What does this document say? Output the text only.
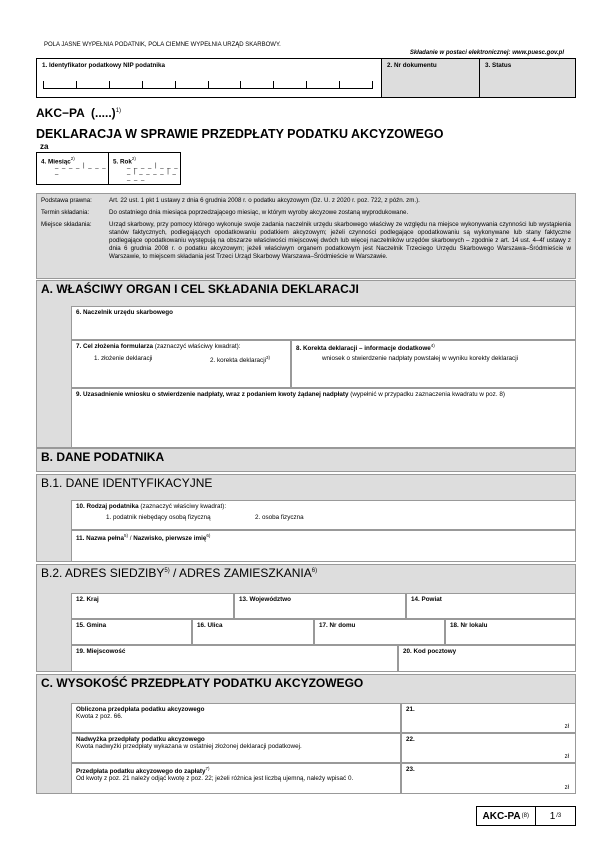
POLA JASNE WYPEŁNIA PODATNIK, POLA CIEMNE WYPEŁNIA URZĄD SKARBOWY.
Składanie w postaci elektronicznej: www.puesc.gov.pl
1. Identyfikator podatkowy NIP podatnika	2. Nr dokumentu	3. Status
AKC−PA (.....)$^{1)}$
DEKLARACJA W SPRAWIE PRZEDPŁATY PODATKU AKCYZOWEGO
za
4. Miesiąc$^{2)}$
_ _ _ _ | _ _ _ _
5. Rok$^{2)}$
_ _ _ _ | _ _ _ _ | _ _ _ _ | _ _ _ _
Podstawa prawna:	Art. 22 ust. 1 pkt 1 ustawy z dnia 6 grudnia 2008 r. o podatku akcyzowym (Dz. U. z 2020 r. poz. 722, z późn. zm.).
Termin składania:	Do ostatniego dnia miesiąca poprzedzającego miesiąc, w którym wyroby akcyzowe zostaną wyprodukowane.
Miejsce składania:	Urząd skarbowy, przy pomocy którego wykonuje swoje zadania naczelnik urzędu skarbowego właściwy ze względu na miejsce wykonywania czynności lub wystąpienia stanów faktycznych, podlegających opodatkowaniu podatkiem akcyzowym; jeżeli czynności podlegające opodatkowaniu są wykonywane lub stany faktyczne podlegające opodatkowaniu występują na obszarze właściwości miejscowej dwóch lub więcej naczelników urzędów skarbowych – zgodnie z art. 14 ust. 4–4f ustawy z dnia 6 grudnia 2008 r. o podatku akcyzowym; jeżeli właściwym organem podatkowym jest Naczelnik Trzeciego Urzędu Skarbowego Warszawa–Śródmieście w Warszawie, to miejscem składania jest Trzeci Urząd Skarbowy Warszawa–Śródmieście w Warszawie.
A. WŁAŚCIWY ORGAN I CEL SKŁADANIA DEKLARACJI
6. Naczelnik urzędu skarbowego
7. Cel złożenia formularza (zaznaczyć właściwy kwadrat):
1. złożenie deklaracji	2. korekta deklaracji$^{3)}$
8. Korekta deklaracji – informacje dodatkowe$^{4)}$
wniosek o stwierdzenie nadpłaty powstałej w wyniku korekty deklaracji
9. Uzasadnienie wniosku o stwierdzenie nadpłaty, wraz z podaniem kwoty żądanej nadpłaty (wypełnić w przypadku zaznaczenia kwadratu w poz. 8)
B. DANE PODATNIKA
B.1. DANE IDENTYFIKACYJNE
10. Rodzaj podatnika (zaznaczyć właściwy kwadrat):
1. podatnik niebędący osobą fizyczną	2. osoba fizyczna
11. Nazwa pełna$^{5)}$ / Nazwisko, pierwsze imię$^{6)}$
B.2. ADRES SIEDZIBY$^{5)}$ / ADRES ZAMIESZKANIA$^{6)}$
12. Kraj	13. Województwo	14. Powiat
15. Gmina	16. Ulica	17. Nr domu	18. Nr lokalu
19. Miejscowość	20. Kod pocztowy
C. WYSOKOŚĆ PRZEDPŁATY PODATKU AKCYZOWEGO
Obliczona przedpłata podatku akcyzowego
Kwota z poz. 66.
21.
zł
Nadwyżka przedpłaty podatku akcyzowego
Kwota nadwyżki przedpłaty wykazana w ostatniej złożonej deklaracji podatkowej.
22.
zł
Przedpłata podatku akcyzowego do zapłaty$^{7)}$
Od kwoty z poz. 21 należy odjąć kwotę z poz. 22; jeżeli różnica jest liczbą ujemną, należy wpisać 0.
23.
zł
AKC-PA (8) 1 /3
